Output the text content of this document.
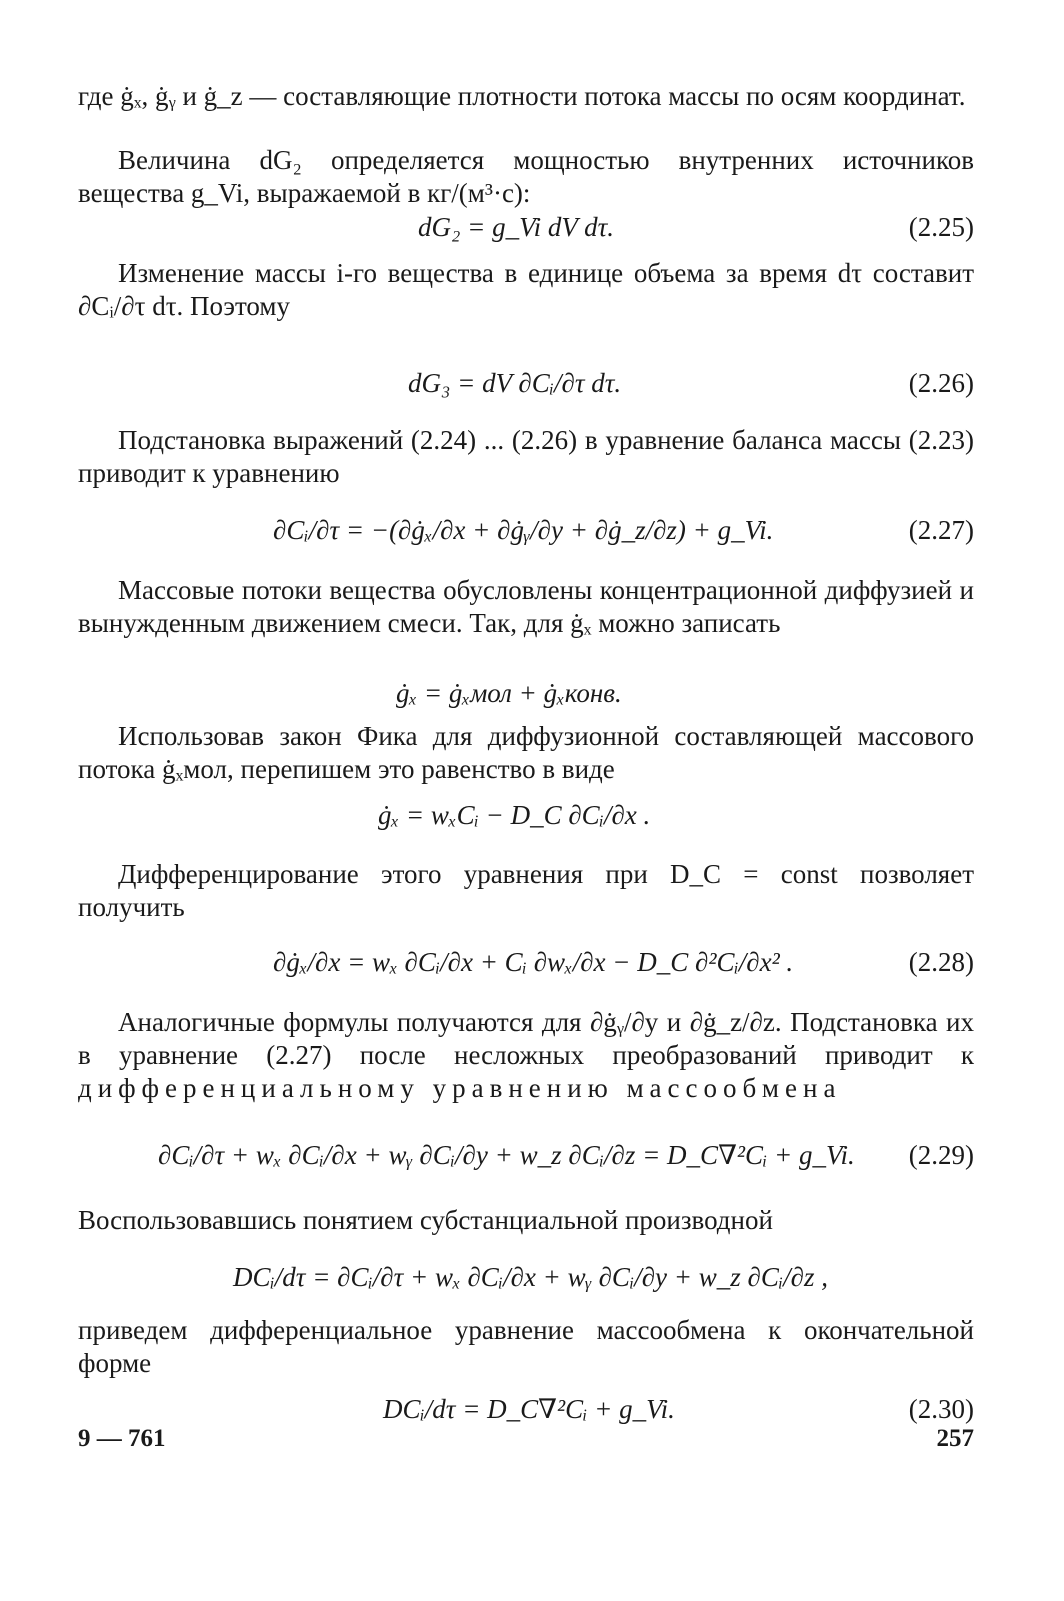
где ġₓ, ġᵧ и ġ_z — составляющие плотности потока массы по осям координат.

Величина dG₂ определяется мощностью внутренних источников вещества g_Vi, выражаемой в кг/(м³·с):

dG₂ = g_Vi dV dτ.	(2.25)

Изменение массы i-го вещества в единице объема за время dτ составит ∂Cᵢ/∂τ dτ. Поэтому

dG₃ = dV ∂Cᵢ/∂τ dτ.	(2.26)

Подстановка выражений (2.24) ... (2.26) в уравнение баланса массы (2.23) приводит к уравнению

∂Cᵢ/∂τ = −(∂ġₓ/∂x + ∂ġᵧ/∂y + ∂ġ_z/∂z) + g_Vi.	(2.27)

Массовые потоки вещества обусловлены концентрационной диффузией и вынужденным движением смеси. Так, для ġₓ можно записать

ġₓ = ġₓмол + ġₓконв.

Использовав закон Фика для диффузионной составляющей массового потока ġₓмол, перепишем это равенство в виде

ġₓ = wₓCᵢ − D_C ∂Cᵢ/∂x .

Дифференцирование этого уравнения при D_C = const позволяет получить

∂ġₓ/∂x = wₓ ∂Cᵢ/∂x + Cᵢ ∂wₓ/∂x − D_C ∂²Cᵢ/∂x² .	(2.28)

Аналогичные формулы получаются для ∂ġᵧ/∂y и ∂ġ_z/∂z. Подстановка их в уравнение (2.27) после несложных преобразований приводит к дифференциальному уравнению массообмена

∂Cᵢ/∂τ + wₓ ∂Cᵢ/∂x + wᵧ ∂Cᵢ/∂y + w_z ∂Cᵢ/∂z = D_C∇²Cᵢ + g_Vi. (2.29)

Воспользовавшись понятием субстанциальной производной

DCᵢ/dτ = ∂Cᵢ/∂τ + wₓ ∂Cᵢ/∂x + wᵧ ∂Cᵢ/∂y + w_z ∂Cᵢ/∂z ,

приведем дифференциальное уравнение массообмена к окончательной форме

DCᵢ/dτ = D_C∇²Cᵢ + g_Vi.	(2.30)
9 — 761	257
